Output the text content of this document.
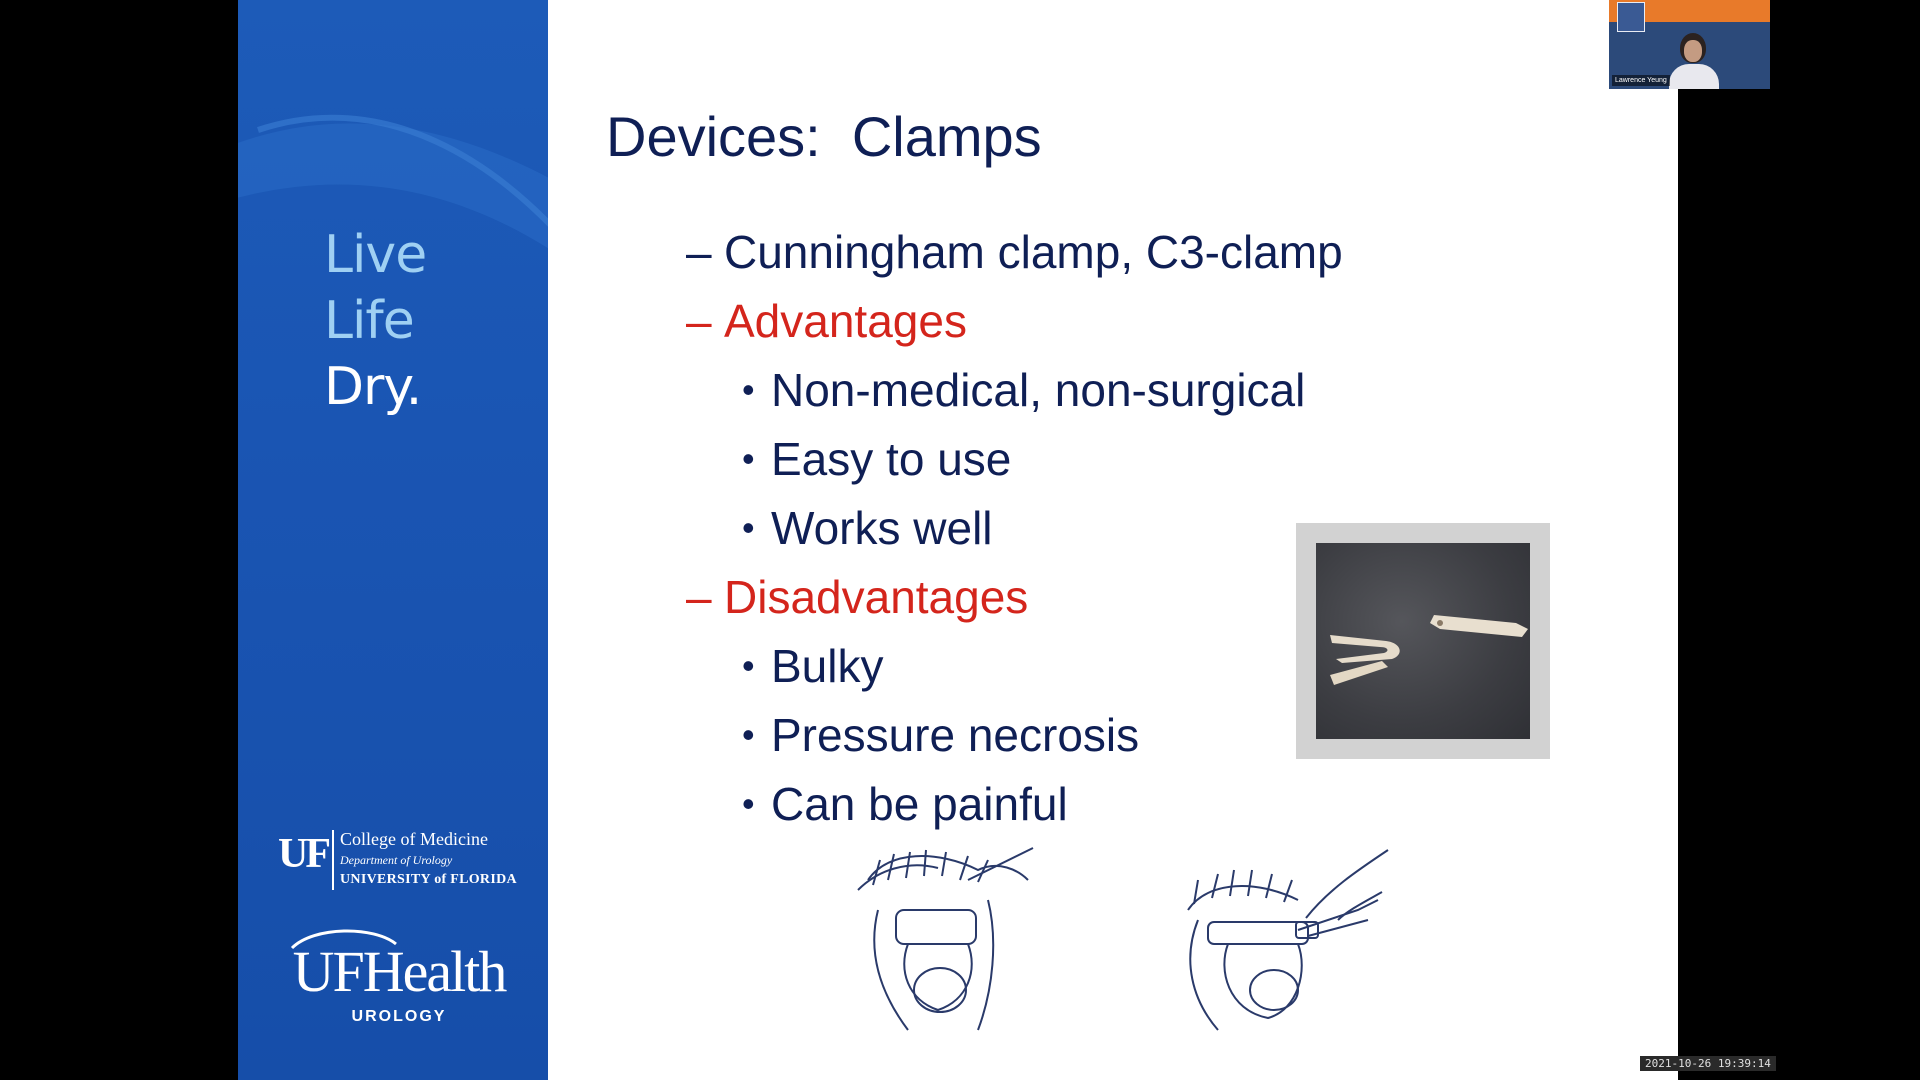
Live
Life
Dry.
UF College of Medicine
Department of Urology
UNIVERSITY of FLORIDA
UFHealth
UROLOGY
Devices:  Clamps
– Cunningham clamp, C3-clamp
– Advantages
• Non-medical, non-surgical
• Easy to use
• Works well
– Disadvantages
• Bulky
• Pressure necrosis
• Can be painful
Lawrence Yeung
2021-10-26 19:39:14
